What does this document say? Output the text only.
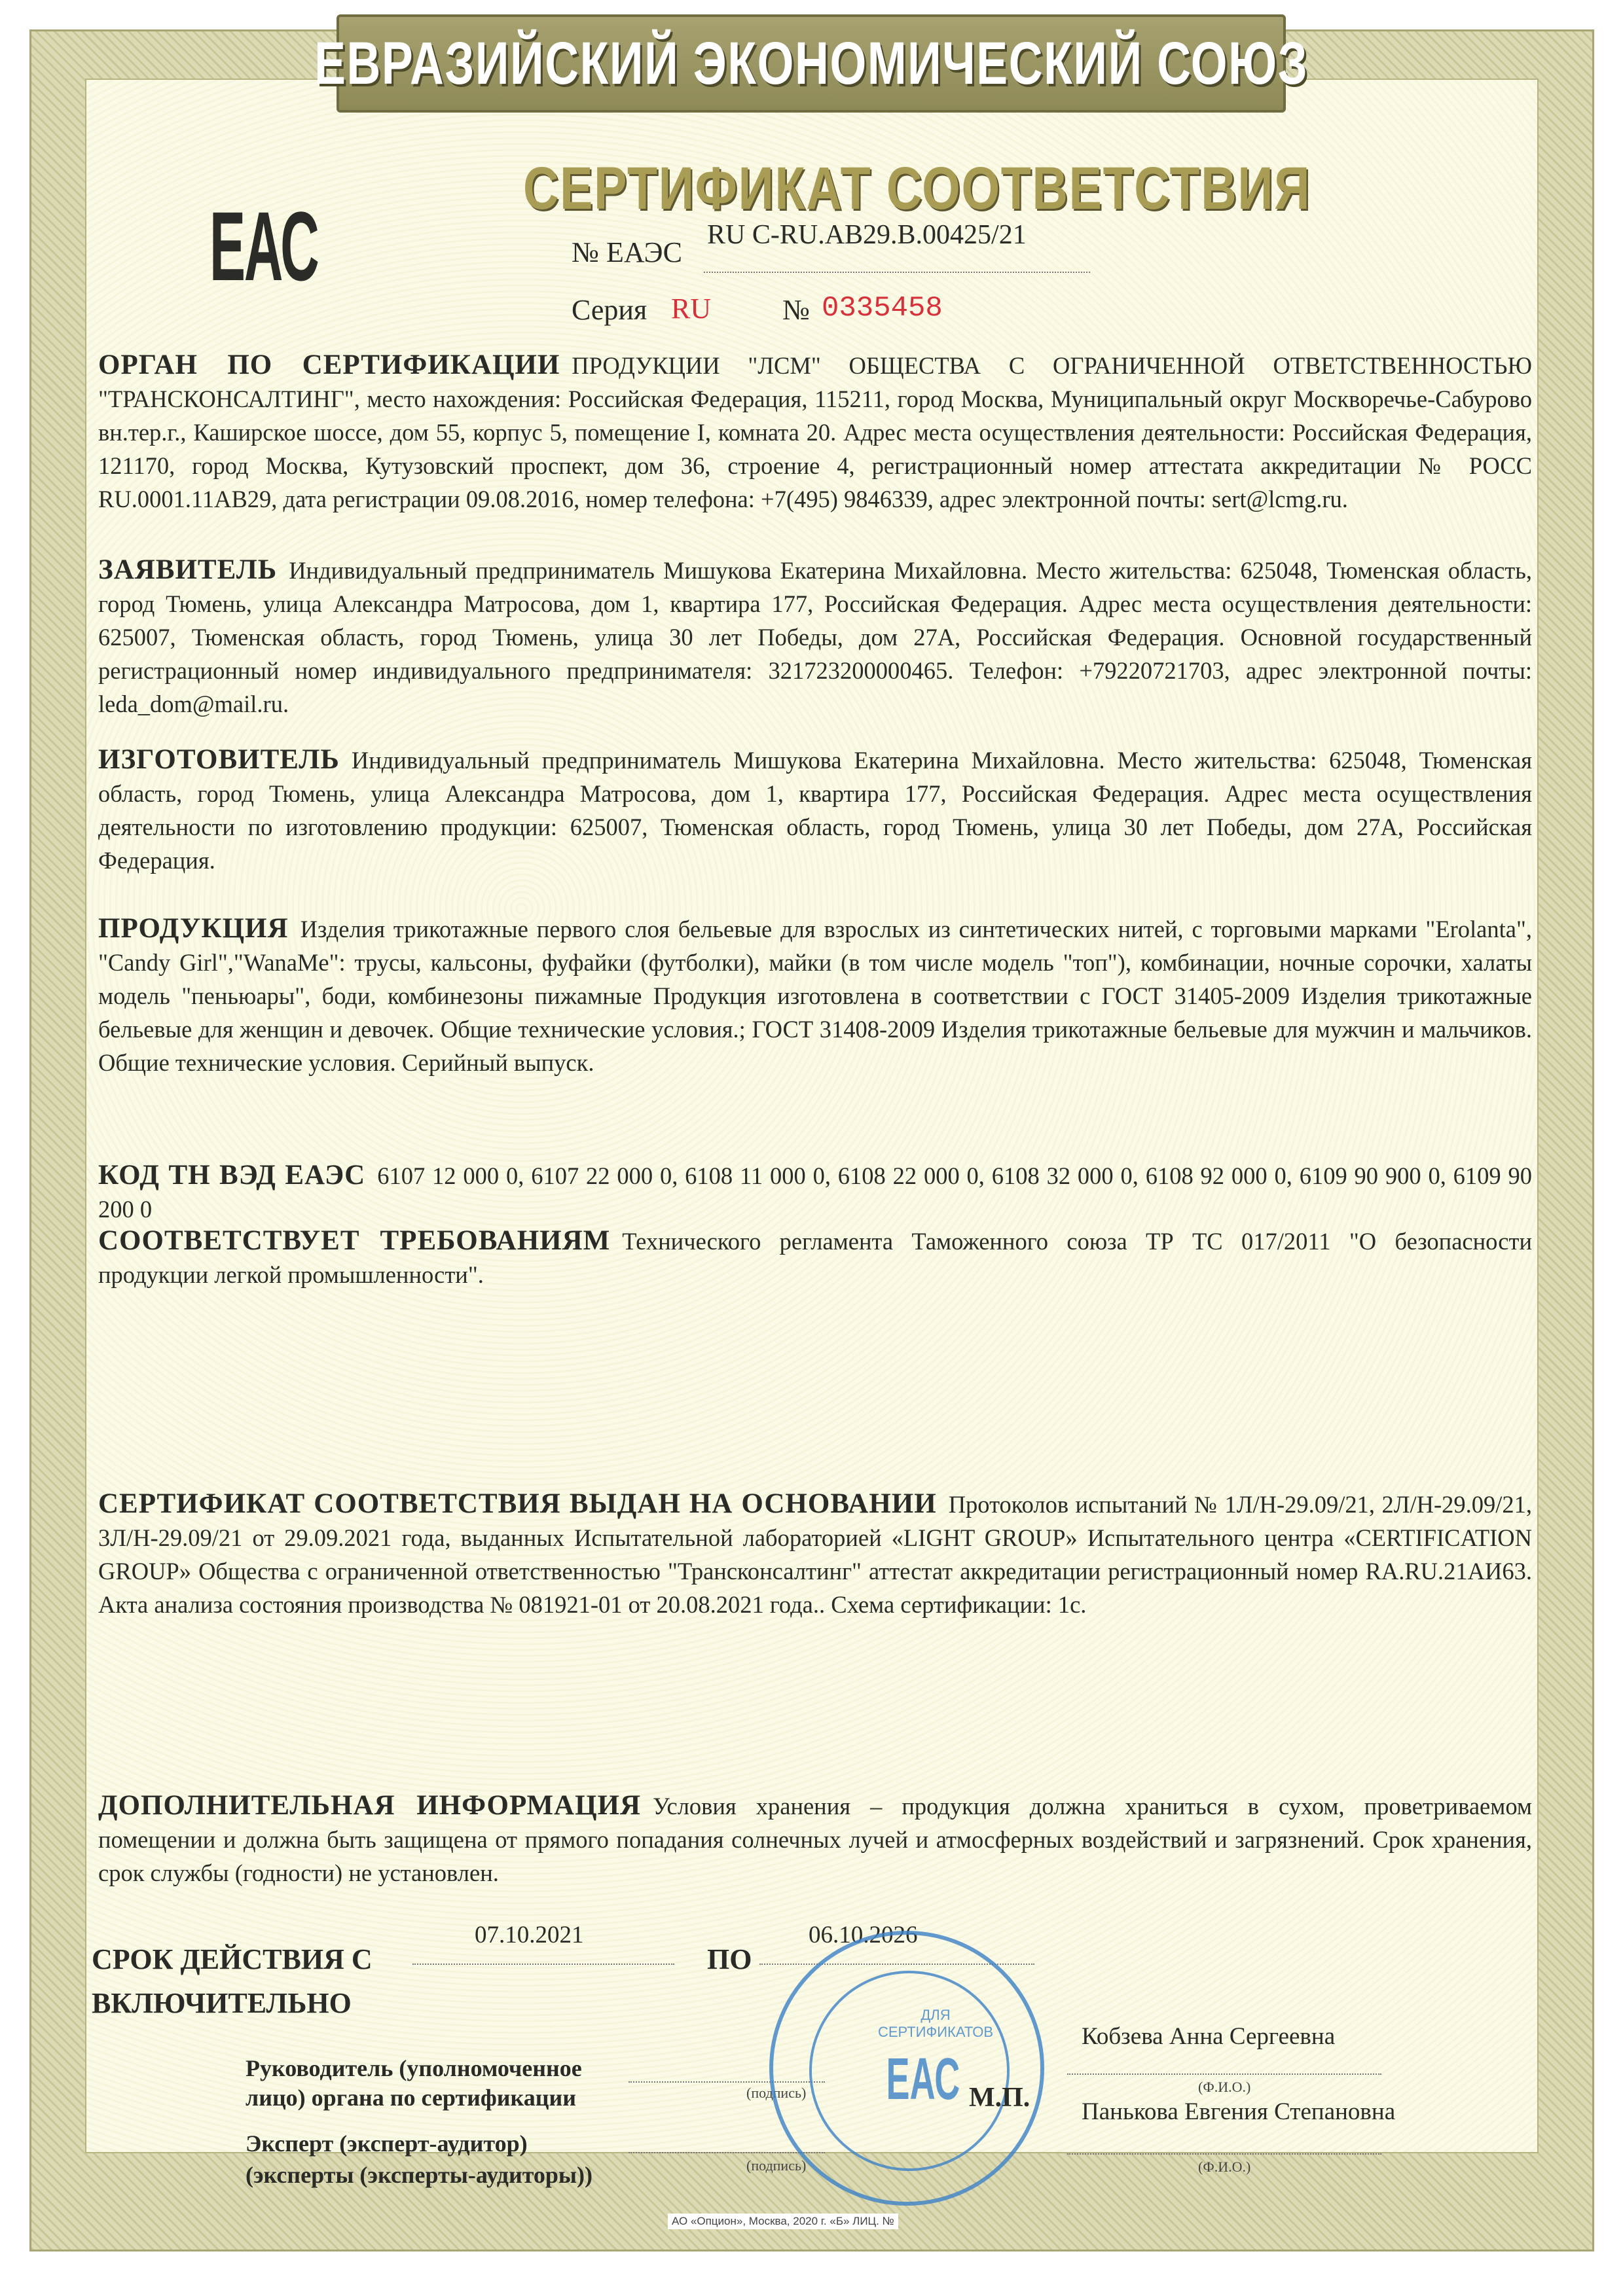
ЕВРАЗИЙСКИЙ ЭКОНОМИЧЕСКИЙ СОЮЗ
СЕРТИФИКАТ СООТВЕТСТВИЯ
ЕАС	№ ЕАЭС
RU C-RU.АВ29.В.00425/21
Серия RU № 0335458
ОРГАН ПО СЕРТИФИКАЦИИ ПРОДУКЦИИ "ЛСМ" ОБЩЕСТВА С ОГРАНИЧЕННОЙ ОТВЕТСТВЕННОСТЬЮ "ТРАНСКОНСАЛТИНГ", место нахождения: Российская Федерация, 115211, город Москва, Муниципальный округ Москворечье-Сабурово вн.тер.г., Каширское шоссе, дом 55, корпус 5, помещение I, комната 20. Адрес места осуществления деятельности: Российская Федерация, 121170, город Москва, Кутузовский проспект, дом 36, строение 4, регистрационный номер аттестата аккредитации № РОСС RU.0001.11АВ29, дата регистрации 09.08.2016, номер телефона: +7(495) 9846339, адрес электронной почты: sert@lcmg.ru.
ЗАЯВИТЕЛЬ Индивидуальный предприниматель Мишукова Екатерина Михайловна. Место жительства: 625048, Тюменская область, город Тюмень, улица Александра Матросова, дом 1, квартира 177, Российская Федерация. Адрес места осуществления деятельности: 625007, Тюменская область, город Тюмень, улица 30 лет Победы, дом 27А, Российская Федерация. Основной государственный регистрационный номер индивидуального предпринимателя: 321723200000465. Телефон: +79220721703, адрес электронной почты: leda_dom@mail.ru.
ИЗГОТОВИТЕЛЬ Индивидуальный предприниматель Мишукова Екатерина Михайловна. Место жительства: 625048, Тюменская область, город Тюмень, улица Александра Матросова, дом 1, квартира 177, Российская Федерация. Адрес места осуществления деятельности по изготовлению продукции: 625007, Тюменская область, город Тюмень, улица 30 лет Победы, дом 27А, Российская Федерация.
ПРОДУКЦИЯ Изделия трикотажные первого слоя бельевые для взрослых из синтетических нитей, с торговыми марками "Erolanta", "Candy Girl","WanaMe": трусы, кальсоны, фуфайки (футболки), майки (в том числе модель "топ"), комбинации, ночные сорочки, халаты модель "пеньюары", боди, комбинезоны пижамные Продукция изготовлена в соответствии с ГОСТ 31405-2009 Изделия трикотажные бельевые для женщин и девочек. Общие технические условия.; ГОСТ 31408-2009 Изделия трикотажные бельевые для мужчин и мальчиков. Общие технические условия. Серийный выпуск.
КОД ТН ВЭД ЕАЭС 6107 12 000 0, 6107 22 000 0, 6108 11 000 0, 6108 22 000 0, 6108 32 000 0, 6108 92 000 0, 6109 90 900 0, 6109 90 200 0
СООТВЕТСТВУЕТ ТРЕБОВАНИЯМ Технического регламента Таможенного союза ТР ТС 017/2011 "О безопасности продукции легкой промышленности".
СЕРТИФИКАТ СООТВЕТСТВИЯ ВЫДАН НА ОСНОВАНИИ Протоколов испытаний № 1Л/Н-29.09/21, 2Л/Н-29.09/21, 3Л/Н-29.09/21 от 29.09.2021 года, выданных Испытательной лабораторией «LIGHT GROUP» Испытательного центра «CERTIFICATION GROUP» Общества с ограниченной ответственностью "Трансконсалтинг" аттестат аккредитации регистрационный номер RA.RU.21АИ63. Акта анализа состояния производства № 081921-01 от 20.08.2021 года.. Схема сертификации: 1с.
ДОПОЛНИТЕЛЬНАЯ ИНФОРМАЦИЯ Условия хранения – продукция должна храниться в сухом, проветриваемом помещении и должна быть защищена от прямого попадания солнечных лучей и атмосферных воздействий и загрязнений. Срок хранения, срок службы (годности) не установлен.
СРОК ДЕЙСТВИЯ С
07.10.2021
ПО
06.10.2026
ВКЛЮЧИТЕЛЬНО
Руководитель (уполномоченное
лицо) органа по сертификации	(подпись)
Эксперт (эксперт-аудитор)
(эксперты (эксперты-аудиторы))	(подпись)
ДЛЯ
СЕРТИФИКАТОВ
ЕАС М.П.
Кобзева Анна Сергеевна
(Ф.И.О.)
Панькова Евгения Степановна
(Ф.И.О.)
АО «Опцион», Москва, 2020 г. «Б» ЛИЦ. №
